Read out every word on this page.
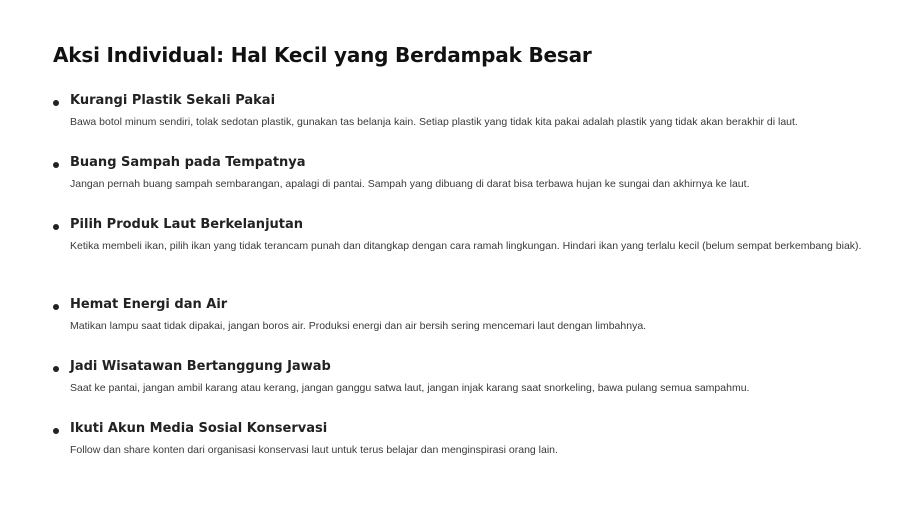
Aksi Individual: Hal Kecil yang Berdampak Besar
Kurangi Plastik Sekali Pakai

Bawa botol minum sendiri, tolak sedotan plastik, gunakan tas belanja kain. Setiap plastik yang tidak kita pakai adalah plastik yang tidak akan berakhir di laut.

Buang Sampah pada Tempatnya

Jangan pernah buang sampah sembarangan, apalagi di pantai. Sampah yang dibuang di darat bisa terbawa hujan ke sungai dan akhirnya ke laut.

Pilih Produk Laut Berkelanjutan

Ketika membeli ikan, pilih ikan yang tidak terancam punah dan ditangkap dengan cara ramah lingkungan. Hindari ikan yang terlalu kecil (belum sempat berkembang biak).

Hemat Energi dan Air

Matikan lampu saat tidak dipakai, jangan boros air. Produksi energi dan air bersih sering mencemari laut dengan limbahnya.

Jadi Wisatawan Bertanggung Jawab

Saat ke pantai, jangan ambil karang atau kerang, jangan ganggu satwa laut, jangan injak karang saat snorkeling, bawa pulang semua sampahmu.

Ikuti Akun Media Sosial Konservasi

Follow dan share konten dari organisasi konservasi laut untuk terus belajar dan menginspirasi orang lain.
